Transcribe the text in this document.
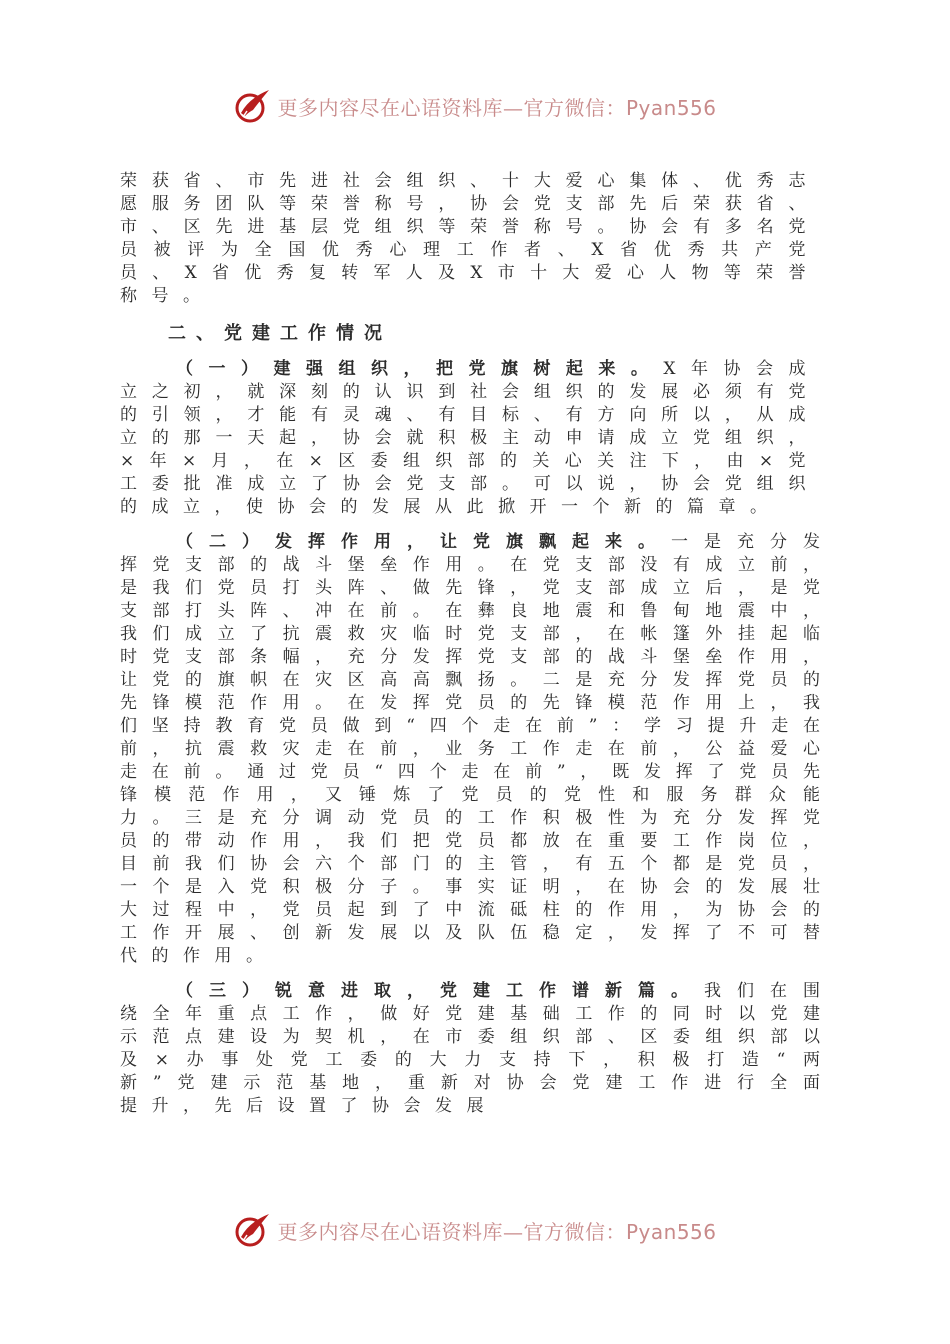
更多内容尽在心语资料库—官方微信：Pyan556

荣获省、市先进社会组织、十大爱心集体、优秀志愿服务团队等荣誉称号，协会党支部先后荣获省、市、区先进基层党组织等荣誉称号。协会有多名党员被评为全国优秀心理工作者、X省优秀共产党员、X省优秀复转军人及X市十大爱心人物等荣誉称号。

二、党建工作情况

（一）建强组织，把党旗树起来。X年协会成立之初，就深刻的认识到社会组织的发展必须有党的引领，才能有灵魂、有目标、有方向所以，从成立的那一天起，协会就积极主动申请成立党组织，×年×月，在×区委组织部的关心关注下，由×党工委批准成立了协会党支部。可以说，协会党组织的成立，使协会的发展从此掀开一个新的篇章。

（二）发挥作用，让党旗飘起来。一是充分发挥党支部的战斗堡垒作用。在党支部没有成立前，是我们党员打头阵、做先锋，党支部成立后，是党支部打头阵、冲在前。在彝良地震和鲁甸地震中，我们成立了抗震救灾临时党支部，在帐篷外挂起临时党支部条幅，充分发挥党支部的战斗堡垒作用，让党的旗帜在灾区高高飘扬。二是充分发挥党员的先锋模范作用。在发挥党员的先锋模范作用上，我们坚持教育党员做到“四个走在前”：学习提升走在前，抗震救灾走在前，业务工作走在前，公益爱心走在前。通过党员“四个走在前”，既发挥了党员先锋模范作用，又锤炼了党员的党性和服务群众能力。三是充分调动党员的工作积极性为充分发挥党员的带动作用，我们把党员都放在重要工作岗位，目前我们协会六个部门的主管，有五个都是党员，一个是入党积极分子。事实证明，在协会的发展壮大过程中，党员起到了中流砥柱的作用，为协会的工作开展、创新发展以及队伍稳定，发挥了不可替代的作用。

（三）锐意进取，党建工作谱新篇。我们在围绕全年重点工作，做好党建基础工作的同时以党建示范点建设为契机，在市委组织部、区委组织部以及×办事处党工委的大力支持下，积极打造“两新”党建示范基地，重新对协会党建工作进行全面提升，先后设置了协会发展

更多内容尽在心语资料库—官方微信：Pyan556
